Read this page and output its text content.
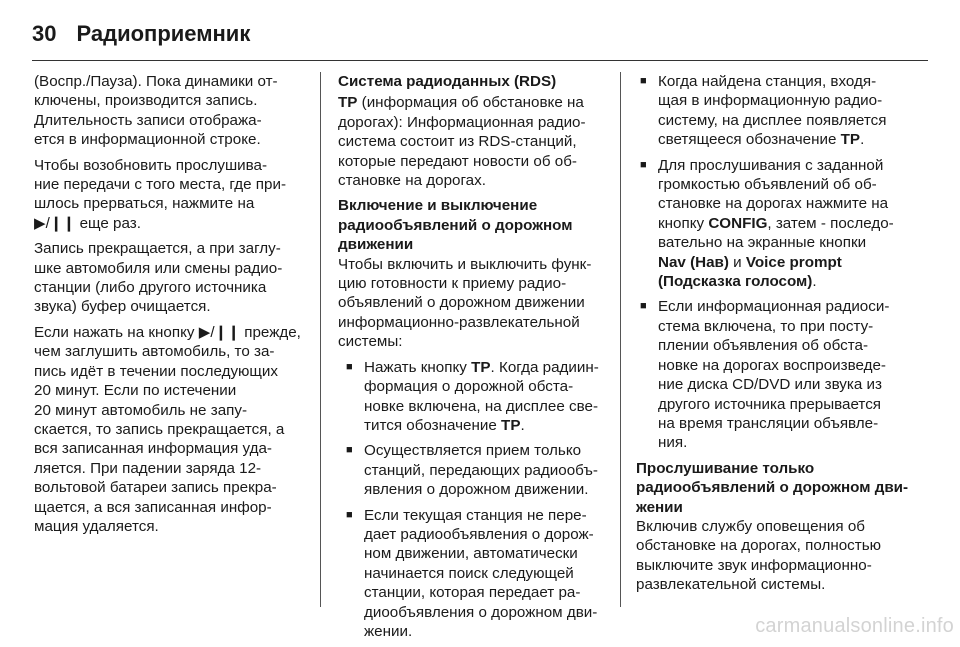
30 Радиоприемник

(Воспр./Пауза). Пока динамики от-
ключены, производится запись.
Длительность записи отобража-
ется в информационной строке.

Чтобы возобновить прослушива-
ние передачи с того места, где при-
шлось прерваться, нажмите на
▶/❙❙ еще раз.

Запись прекращается, а при заглу-
шке автомобиля или смены радио-
станции (либо другого источника
звука) буфер очищается.

Если нажать на кнопку ▶/❙❙ прежде,
чем заглушить автомобиль, то за-
пись идёт в течении последующих
20 минут. Если по истечении
20 минут автомобиль не запу-
скается, то запись прекращается, а
вся записанная информация уда-
ляется. При падении заряда 12-
вольтовой батареи запись прекра-
щается, а вся записанная инфор-
мация удаляется.

Система радиоданных (RDS)

TP (информация об обстановке на
дорогах): Информационная радио-
система состоит из RDS-станций,
которые передают новости об об-
становке на дорогах.

Включение и выключение
радиообъявлений о дорожном
движении

Чтобы включить и выключить функ-
цию готовности к приему радио-
объявлений о дорожном движении
информационно-развлекательной
системы:

■ Нажать кнопку TP. Когда радиин-
формация о дорожной обста-
новке включена, на дисплее све-
тится обозначение TP.
■ Осуществляется прием только
станций, передающих радиообъ-
явления о дорожном движении.
■ Если текущая станция не пере-
дает радиообъявления о дорож-
ном движении, автоматически
начинается поиск следующей
станции, которая передает ра-
диообъявления о дорожном дви-
жении.
■ Когда найдена станция, входя-
щая в информационную радио-
систему, на дисплее появляется
светящееся обозначение TP.
■ Для прослушивания с заданной
громкостью объявлений об об-
становке на дорогах нажмите на
кнопку CONFIG, затем - последо-
вательно на экранные кнопки
Nav (Нав) и Voice prompt
(Подсказка голосом).
■ Если информационная радиоси-
стема включена, то при посту-
плении объявления об обста-
новке на дорогах воспроизведе-
ние диска CD/DVD или звука из
другого источника прерывается
на время трансляции объявле-
ния.

Прослушивание только
радиообъявлений о дорожном дви-
жении

Включив службу оповещения об
обстановке на дорогах, полностью
выключите звук информационно-
развлекательной системы.

carmanualsonline.info
